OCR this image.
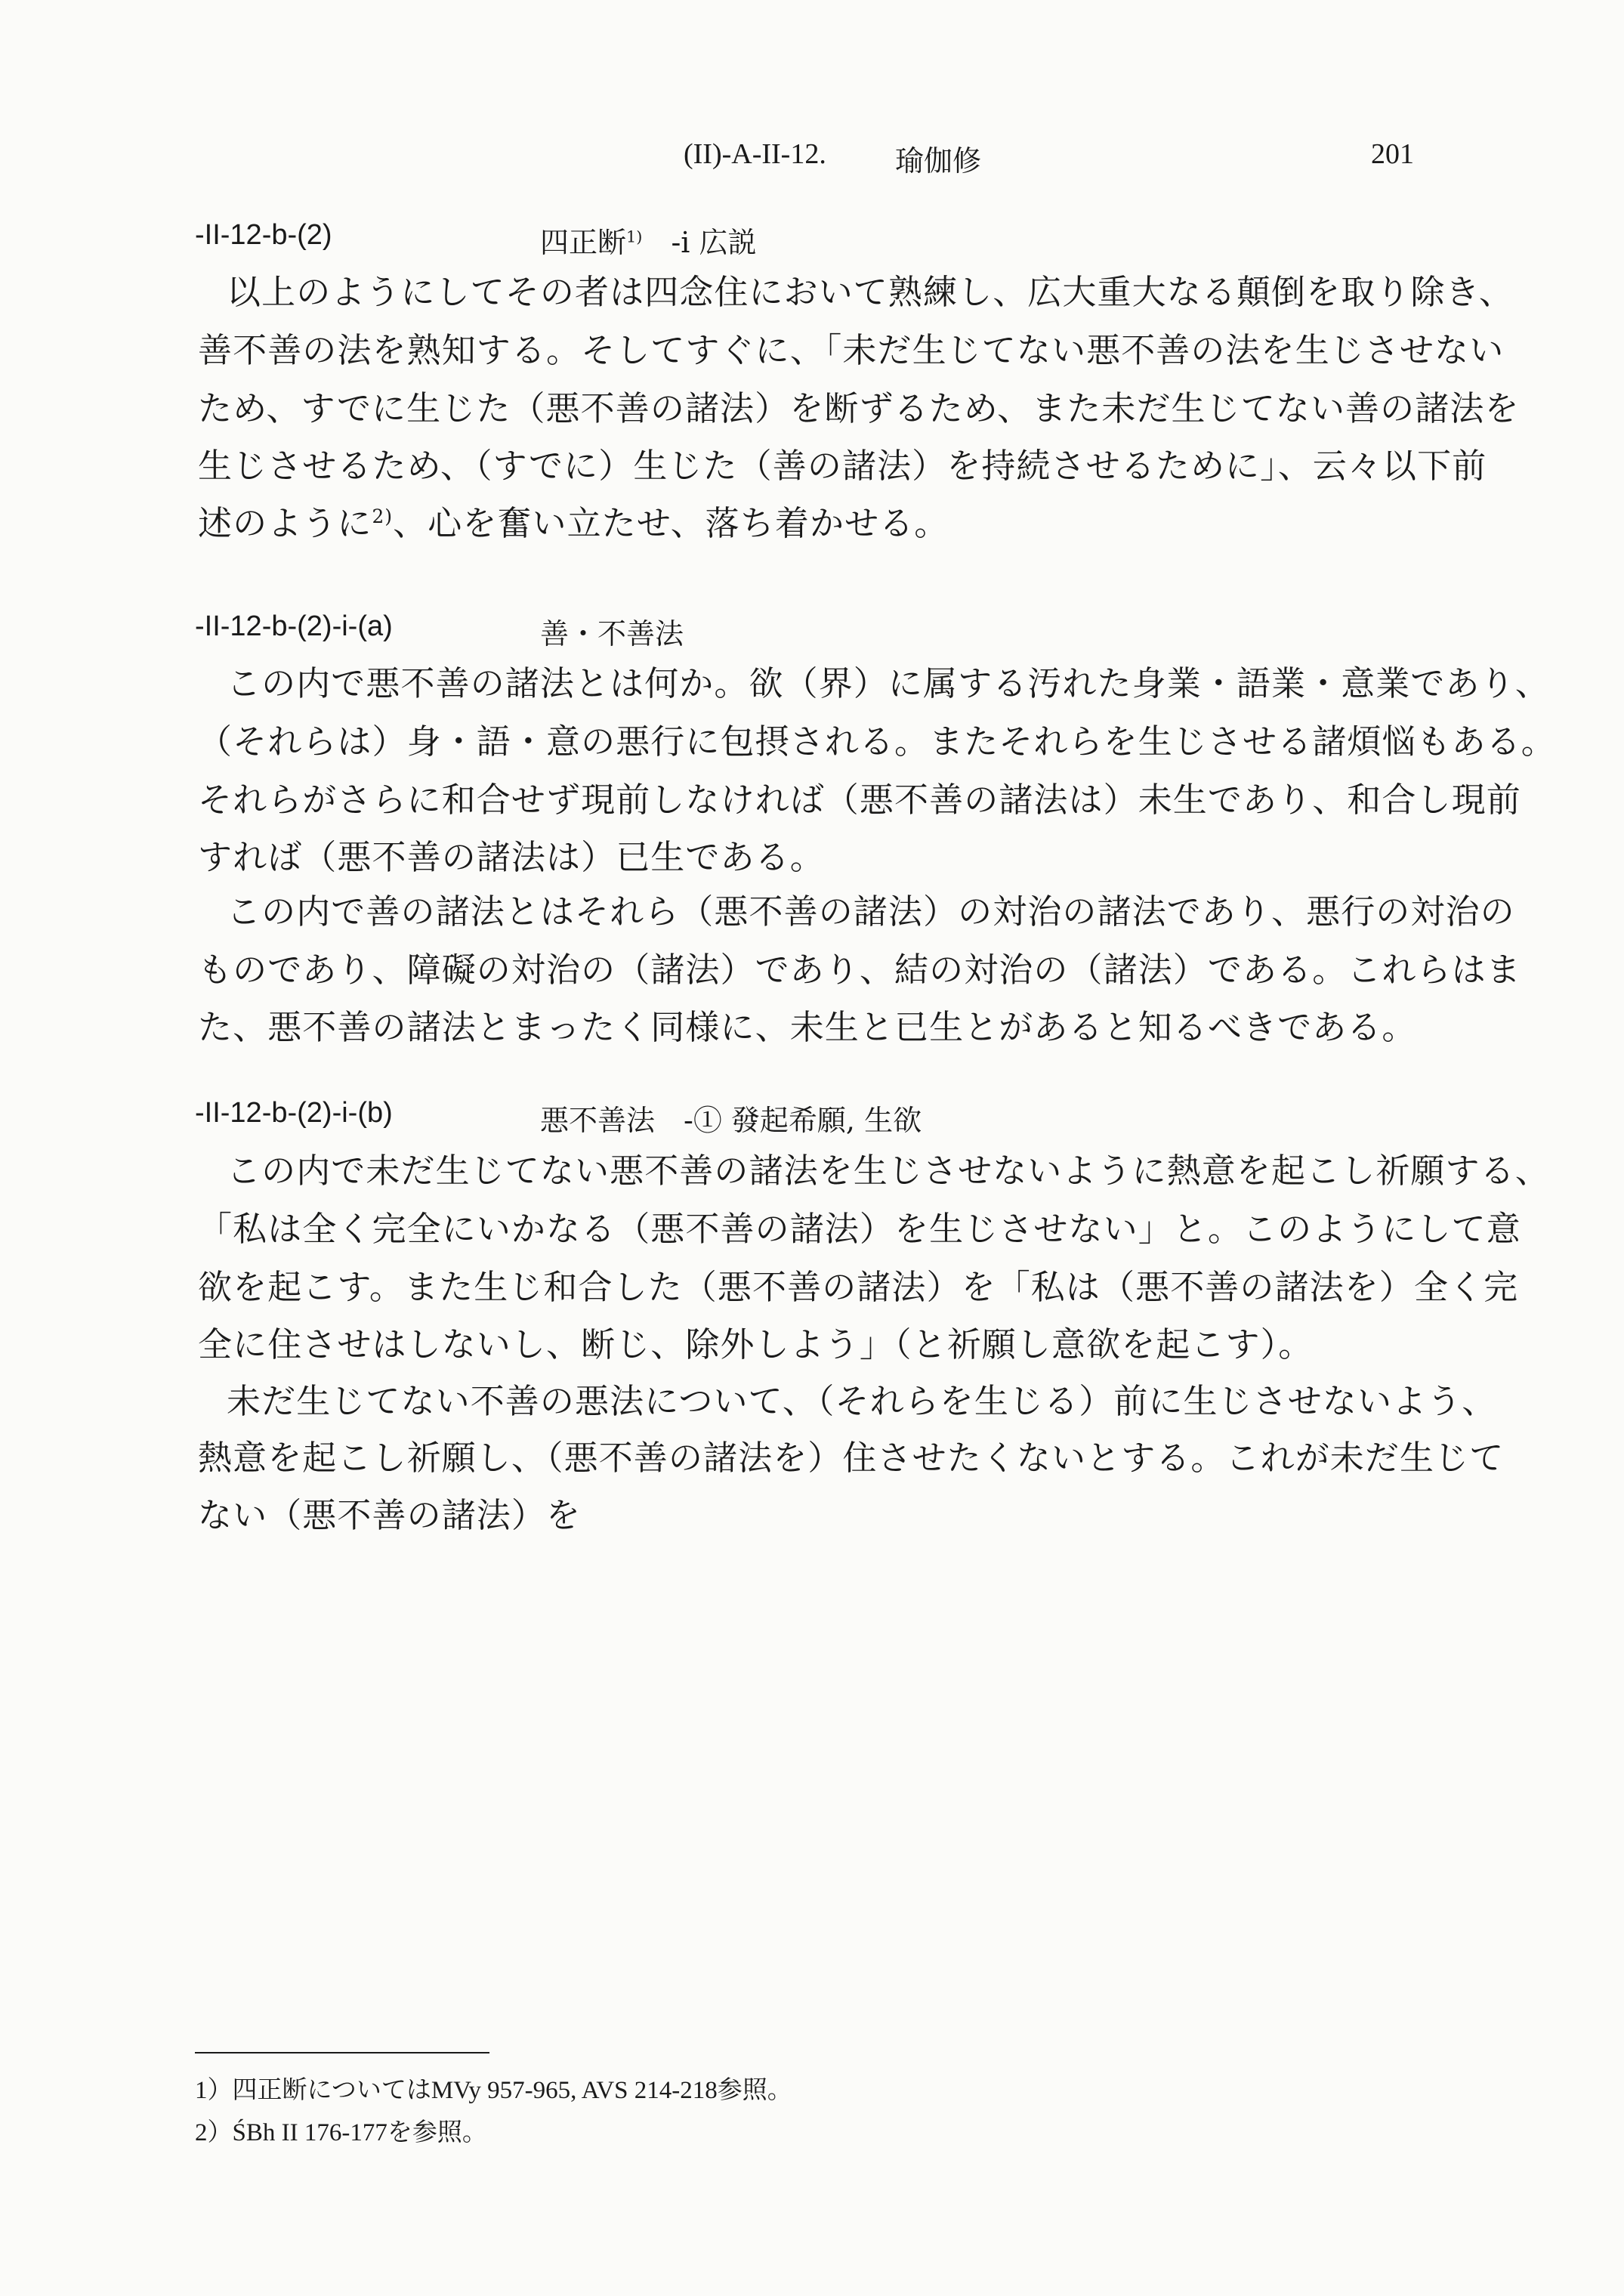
(II)-A-II-12. 瑜伽修	201
-II-12-b-(2)	四正断$^{1)}$　-i 広説
以上のようにしてその者は四念住において熟練し、広大重大なる顛倒を取り除き、
善不善の法を熟知する。そしてすぐに、「未だ生じてない悪不善の法を生じさせない
ため、すでに生じた（悪不善の諸法）を断ずるため、また未だ生じてない善の諸法を
生じさせるため、（すでに）生じた（善の諸法）を持続させるために」、云々以下前
述のように$^{2)}$、心を奮い立たせ、落ち着かせる。
-II-12-b-(2)-i-(a)	善・不善法
この内で悪不善の諸法とは何か。欲（界）に属する汚れた身業・語業・意業であり、
（それらは）身・語・意の悪行に包摂される。またそれらを生じさせる諸煩悩もある。
それらがさらに和合せず現前しなければ（悪不善の諸法は）未生であり、和合し現前
すれば（悪不善の諸法は）已生である。
この内で善の諸法とはそれら（悪不善の諸法）の対治の諸法であり、悪行の対治の
ものであり、障礙の対治の（諸法）であり、結の対治の（諸法）である。これらはま
た、悪不善の諸法とまったく同様に、未生と已生とがあると知るべきである。
-II-12-b-(2)-i-(b)	悪不善法　-① 發起希願, 生欲
この内で未だ生じてない悪不善の諸法を生じさせないように熱意を起こし祈願する、
「私は全く完全にいかなる（悪不善の諸法）を生じさせない」と。このようにして意
欲を起こす。また生じ和合した（悪不善の諸法）を「私は（悪不善の諸法を）全く完
全に住させはしないし、断じ、除外しよう」（と祈願し意欲を起こす）。
未だ生じてない不善の悪法について、（それらを生じる）前に生じさせないよう、
熱意を起こし祈願し、（悪不善の諸法を）住させたくないとする。これが未だ生じて
ない（悪不善の諸法）を
1）四正断についてはMVy 957-965, AVS 214-218参照。
2）ŚBh II 176-177を参照。
